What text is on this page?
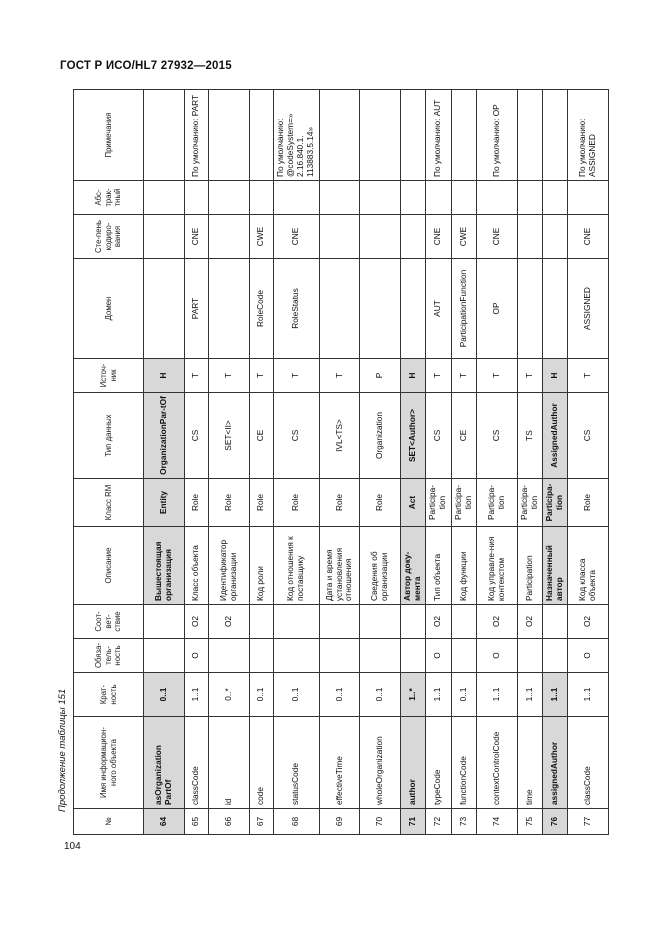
ГОСТ Р ИСО/HL7 27932—2015
Продолжение таблицы 151
104
№	Имя информацион-ного объекта	Крат-ность	Обяза-тель-ность	Соот-вет-ствие	Описание	Класс RM	Тип данных	Источ-ник	Домен	Сте-пень кодиро-вания	Абс-трак-тный	Примечания
64	asOrganization PartOf	0..1			Вышестоящая организация	Entity	OrganizationPar-tOf	H				
65	classCode	1..1	O	O2	Класс объекта	Role	CS	T	PART	CNE		По умолчанию: PART
66	id	0..*		O2	Идентификатор организации	Role	SET<II>	T				
67	code	0..1			Код роли	Role	CE	T	RoleCode	CWE		
68	statusCode	0..1			Код отношения к поставщику	Role	CS	T	RoleStatus	CNE		По умолчанию: @codeSystem=» 2.16.840.1. 113883.5.14»
69	effectiveTime	0..1			Дата и время установления отношения	Role	IVL<TS>	T				
70	wholeOrganization	0..1			Сведения об организации	Role	Organization	P				
71	author	1..*			Автор доку-мента	Act	SET<Author>	H				
72	typeCode	1..1	O	O2	Тип объекта	Participa-tion	CS	T	AUT	CNE		По умолчанию: AUT
73	functionCode	0..1			Код функции	Participa-tion	CE	T	ParticipationFunction	CWE		
74	contextControlCode	1..1	O	O2	Код управле-ния контекстом	Participa-tion	CS	T	OP	CNE		По умолчанию: OP
75	time	1..1		O2	Participation	Participa-tion	TS	T				
76	assignedAuthor	1..1			Назначенный автор	Participa-tion	AssignedAuthor	H				
77	classCode	1..1	O	O2	Код класса объекта	Role	CS	T	ASSIGNED	CNE		По умолчанию: ASSIGNED
